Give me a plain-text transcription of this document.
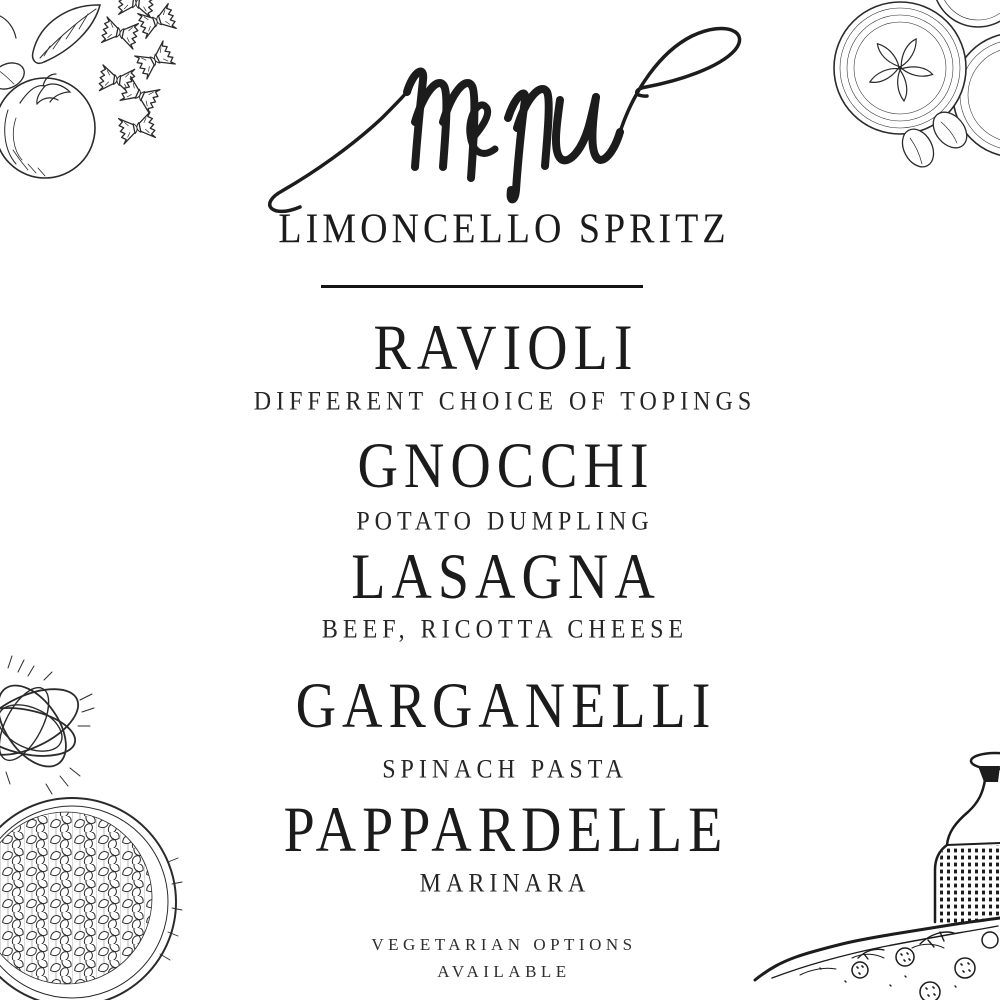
LIMONCELLO SPRITZ
RAVIOLI
DIFFERENT CHOICE OF TOPINGS
GNOCCHI
POTATO DUMPLING
LASAGNA
BEEF, RICOTTA CHEESE
GARGANELLI
SPINACH PASTA
PAPPARDELLE
MARINARA
VEGETARIAN OPTIONS
AVAILABLE
